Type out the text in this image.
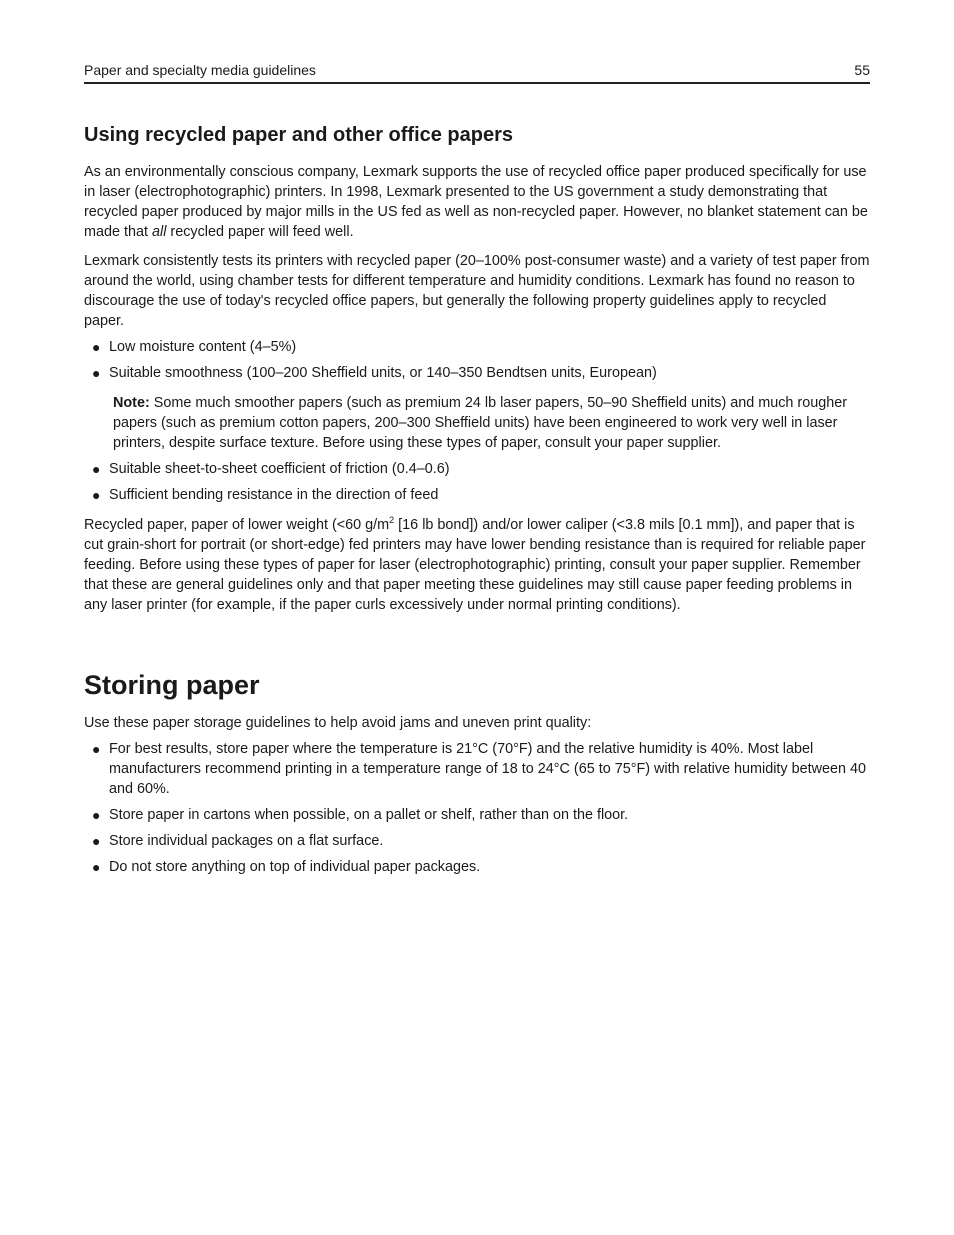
Paper and specialty media guidelines	55
Using recycled paper and other office papers

As an environmentally conscious company, Lexmark supports the use of recycled office paper produced specifically for use in laser (electrophotographic) printers. In 1998, Lexmark presented to the US government a study demonstrating that recycled paper produced by major mills in the US fed as well as non-recycled paper. However, no blanket statement can be made that all recycled paper will feed well.

Lexmark consistently tests its printers with recycled paper (20–100% post-consumer waste) and a variety of test paper from around the world, using chamber tests for different temperature and humidity conditions. Lexmark has found no reason to discourage the use of today's recycled office papers, but generally the following property guidelines apply to recycled paper.

● Low moisture content (4–5%)
● Suitable smoothness (100–200 Sheffield units, or 140–350 Bendtsen units, European)
Note: Some much smoother papers (such as premium 24 lb laser papers, 50–90 Sheffield units) and much rougher papers (such as premium cotton papers, 200–300 Sheffield units) have been engineered to work very well in laser printers, despite surface texture. Before using these types of paper, consult your paper supplier.
● Suitable sheet-to-sheet coefficient of friction (0.4–0.6)
● Sufficient bending resistance in the direction of feed

Recycled paper, paper of lower weight (<60 $g/m^2$ [16 lb bond]) and/or lower caliper (<3.8 mils [0.1 mm]), and paper that is cut grain-short for portrait (or short-edge) fed printers may have lower bending resistance than is required for reliable paper feeding. Before using these types of paper for laser (electrophotographic) printing, consult your paper supplier. Remember that these are general guidelines only and that paper meeting these guidelines may still cause paper feeding problems in any laser printer (for example, if the paper curls excessively under normal printing conditions).

Storing paper

Use these paper storage guidelines to help avoid jams and uneven print quality:

● For best results, store paper where the temperature is 21°C (70°F) and the relative humidity is 40%. Most label manufacturers recommend printing in a temperature range of 18 to 24°C (65 to 75°F) with relative humidity between 40 and 60%.
● Store paper in cartons when possible, on a pallet or shelf, rather than on the floor.
● Store individual packages on a flat surface.
● Do not store anything on top of individual paper packages.
